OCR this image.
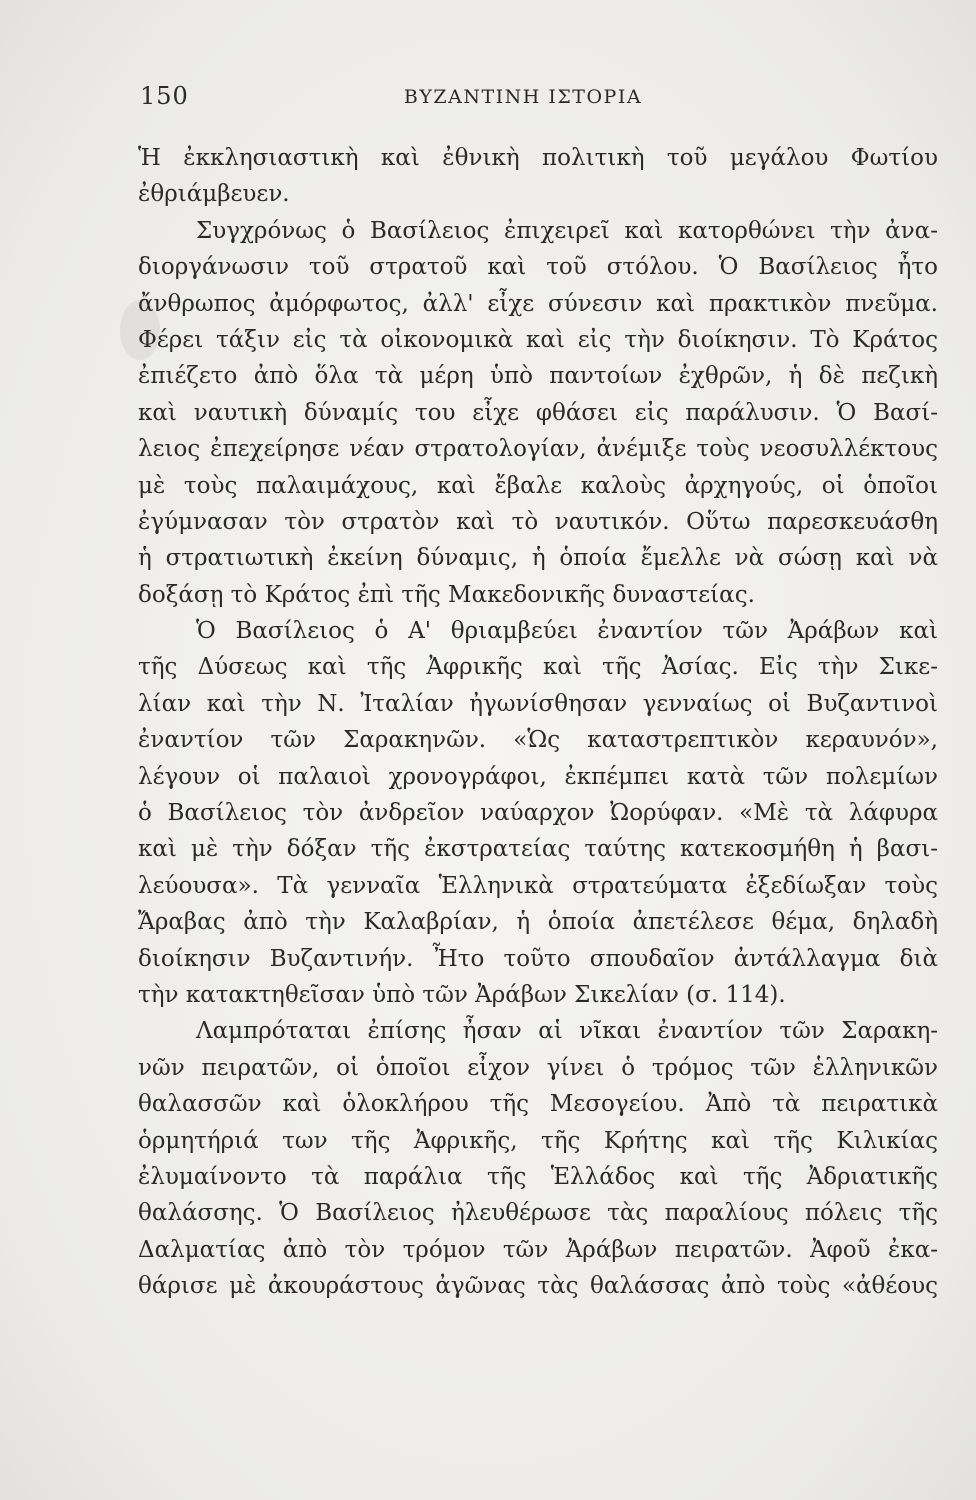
150	ΒΥΖΑΝΤΙΝΗ ΙΣΤΟΡΙΑ
Ἡ ἐκκλησιαστικὴ καὶ ἐθνικὴ πολιτικὴ τοῦ μεγάλου Φωτίου
ἐθριάμβευεν.
Συγχρόνως ὁ Βασίλειος ἐπιχειρεῖ καὶ κατορθώνει τὴν ἀνα-
διοργάνωσιν τοῦ στρατοῦ καὶ τοῦ στόλου. Ὁ Βασίλειος ἦτο
ἄνθρωπος ἀμόρφωτος, ἀλλ' εἶχε σύνεσιν καὶ πρακτικὸν πνεῦμα.
Φέρει τάξιν εἰς τὰ οἰκονομικὰ καὶ εἰς τὴν διοίκησιν. Τὸ Κράτος
ἐπιέζετο ἀπὸ ὅλα τὰ μέρη ὑπὸ παντοίων ἐχθρῶν, ἡ δὲ πεζικὴ
καὶ ναυτικὴ δύναμίς του εἶχε φθάσει εἰς παράλυσιν. Ὁ Βασί-
λειος ἐπεχείρησε νέαν στρατολογίαν, ἀνέμιξε τοὺς νεοσυλλέκτους
μὲ τοὺς παλαιμάχους, καὶ ἔβαλε καλοὺς ἀρχηγούς, οἱ ὁποῖοι
ἐγύμνασαν τὸν στρατὸν καὶ τὸ ναυτικόν. Οὕτω παρεσκευάσθη
ἡ στρατιωτικὴ ἐκείνη δύναμις, ἡ ὁποία ἔμελλε νὰ σώσῃ καὶ νὰ
δοξάσῃ τὸ Κράτος ἐπὶ τῆς Μακεδονικῆς δυναστείας.
Ὁ Βασίλειος ὁ Α' θριαμβεύει ἐναντίον τῶν Ἀράβων καὶ
τῆς Δύσεως καὶ τῆς Ἀφρικῆς καὶ τῆς Ἀσίας. Εἰς τὴν Σικε-
λίαν καὶ τὴν Ν. Ἰταλίαν ἠγωνίσθησαν γενναίως οἱ Βυζαντινοὶ
ἐναντίον τῶν Σαρακηνῶν. «Ὡς καταστρεπτικὸν κεραυνόν»,
λέγουν οἱ παλαιοὶ χρονογράφοι, ἐκπέμπει κατὰ τῶν πολεμίων
ὁ Βασίλειος τὸν ἀνδρεῖον ναύαρχον Ὠορύφαν. «Μὲ τὰ λάφυρα
καὶ μὲ τὴν δόξαν τῆς ἐκστρατείας ταύτης κατεκοσμήθη ἡ βασι-
λεύουσα». Τὰ γενναῖα Ἑλληνικὰ στρατεύματα ἐξεδίωξαν τοὺς
Ἄραβας ἀπὸ τὴν Καλαβρίαν, ἡ ὁποία ἀπετέλεσε θέμα, δηλαδὴ
διοίκησιν Βυζαντινήν. Ἦτο τοῦτο σπουδαῖον ἀντάλλαγμα διὰ
τὴν κατακτηθεῖσαν ὑπὸ τῶν Ἀράβων Σικελίαν (σ. 114).
Λαμπρόταται ἐπίσης ἦσαν αἱ νῖκαι ἐναντίον τῶν Σαρακη-
νῶν πειρατῶν, οἱ ὁποῖοι εἶχον γίνει ὁ τρόμος τῶν ἑλληνικῶν
θαλασσῶν καὶ ὁλοκλήρου τῆς Μεσογείου. Ἀπὸ τὰ πειρατικὰ
ὁρμητήριά των τῆς Ἀφρικῆς, τῆς Κρήτης καὶ τῆς Κιλικίας
ἐλυμαίνοντο τὰ παράλια τῆς Ἑλλάδος καὶ τῆς Ἀδριατικῆς
θαλάσσης. Ὁ Βασίλειος ἠλευθέρωσε τὰς παραλίους πόλεις τῆς
Δαλματίας ἀπὸ τὸν τρόμον τῶν Ἀράβων πειρατῶν. Ἀφοῦ ἐκα-
θάρισε μὲ ἀκουράστους ἀγῶνας τὰς θαλάσσας ἀπὸ τοὺς «ἀθέους
